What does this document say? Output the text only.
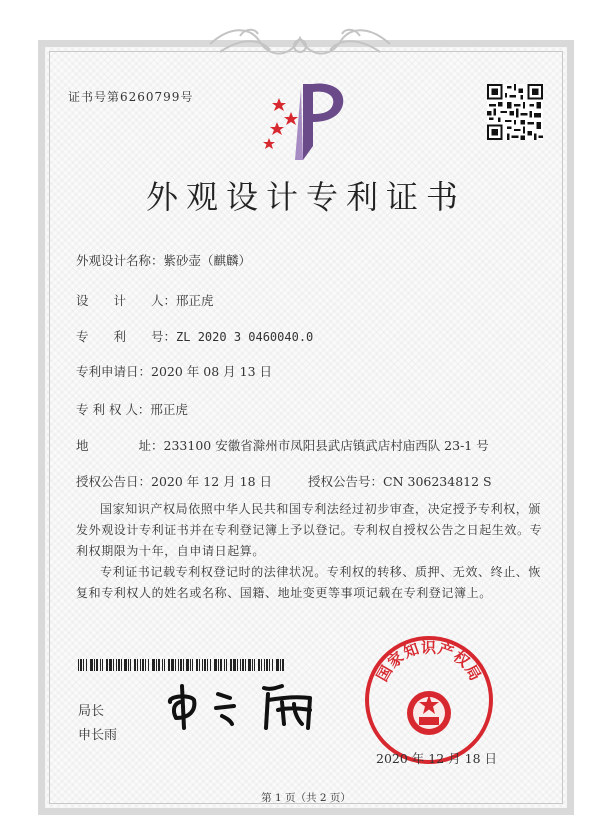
证书号第6260799号
外观设计专利证书
外观设计名称：紫砂壶（麒麟）
设　　计　　人：邢正虎
专　　利　　号：ZL 2020 3 0460040.0
专利申请日：2020 年 08 月 13 日
专 利 权 人：邢正虎
地　　　　址：233100 安徽省滁州市凤阳县武店镇武店村庙西队 23-1 号
授权公告日：2020 年 12 月 18 日	授权公告号：CN 306234812 S
国家知识产权局依照中华人民共和国专利法经过初步审查，决定授予专利权，颁发外观设计专利证书并在专利登记簿上予以登记。专利权自授权公告之日起生效。专利权期限为十年，自申请日起算。
专利证书记载专利权登记时的法律状况。专利权的转移、质押、无效、终止、恢复和专利权人的姓名或名称、国籍、地址变更等事项记载在专利登记簿上。
局长
申长雨
国家知识产权局
2020 年 12 月 18 日
第 1 页（共 2 页）
